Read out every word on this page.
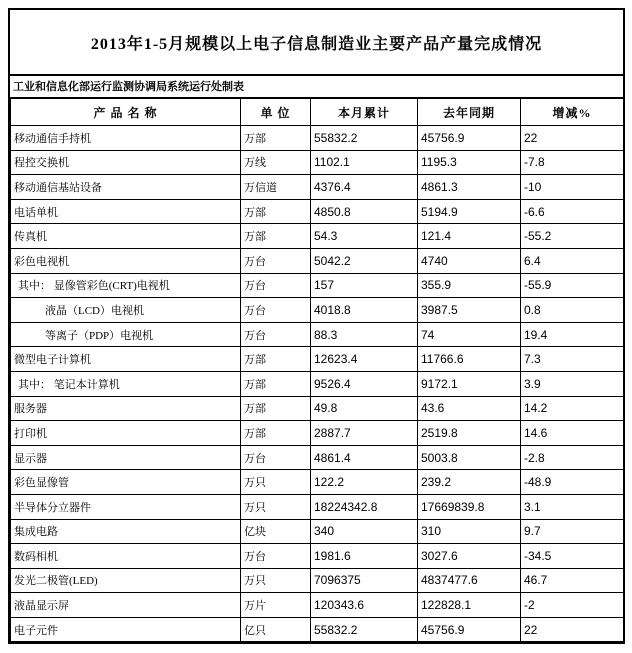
2013年1-5月规模以上电子信息制造业主要产品产量完成情况
工业和信息化部运行监测协调局系统运行处制表
产 品 名 称	单 位	本月累计	去年同期	增减%
移动通信手持机	万部	55832.2	45756.9	22
程控交换机	万线	1102.1	1195.3	-7.8
移动通信基站设备	万信道	4376.4	4861.3	-10
电话单机	万部	4850.8	5194.9	-6.6
传真机	万部	54.3	121.4	-55.2
彩色电视机	万台	5042.2	4740	6.4
其中： 显像管彩色(CRT)电视机	万台	157	355.9	-55.9
液晶（LCD）电视机	万台	4018.8	3987.5	0.8
等离子（PDP）电视机	万台	88.3	74	19.4
微型电子计算机	万部	12623.4	11766.6	7.3
其中： 笔记本计算机	万部	9526.4	9172.1	3.9
服务器	万部	49.8	43.6	14.2
打印机	万部	2887.7	2519.8	14.6
显示器	万台	4861.4	5003.8	-2.8
彩色显像管	万只	122.2	239.2	-48.9
半导体分立器件	万只	18224342.8	17669839.8	3.1
集成电路	亿块	340	310	9.7
数码相机	万台	1981.6	3027.6	-34.5
发光二极管(LED)	万只	7096375	4837477.6	46.7
液晶显示屏	万片	120343.6	122828.1	-2
电子元件	亿只	55832.2	45756.9	22
